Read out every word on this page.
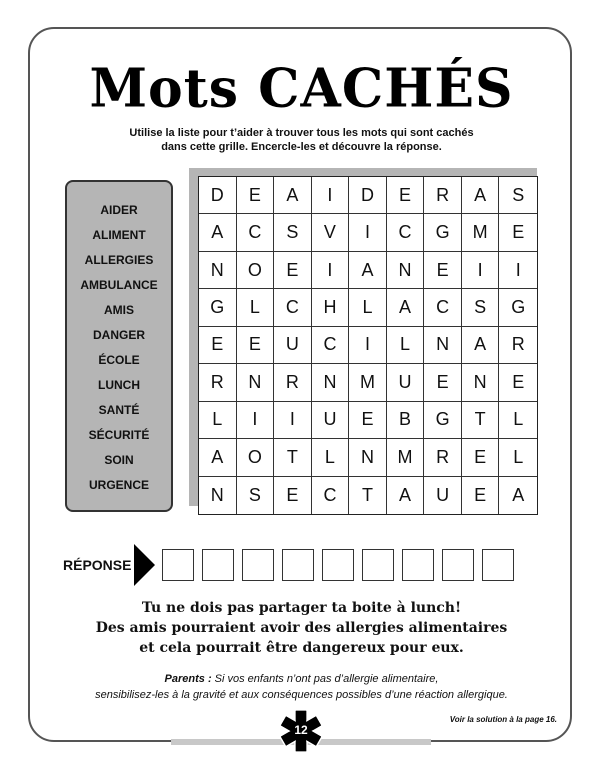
Mots CACHÉS
Utilise la liste pour t’aider à trouver tous les mots qui sont cachés
dans cette grille. Encercle-les et découvre la réponse.
AIDER
ALIMENT
ALLERGIES
AMBULANCE
AMIS
DANGER
ÉCOLE
LUNCH
SANTÉ
SÉCURITÉ
SOIN
URGENCE
D	E	A	I	D	E	R	A	S
A	C	S	V	I	C	G	M	E
N	O	E	I	A	N	E	I	I
G	L	C	H	L	A	C	S	G
E	E	U	C	I	L	N	A	R
R	N	R	N	M	U	E	N	E
L	I	I	U	E	B	G	T	L
A	O	T	L	N	M	R	E	L
N	S	E	C	T	A	U	E	A
RÉPONSE
Tu ne dois pas partager ta boite à lunch!
Des amis pourraient avoir des allergies alimentaires
et cela pourrait être dangereux pour eux.
Parents : Si vos enfants n’ont pas d’allergie alimentaire,
sensibilisez-les à la gravité et aux conséquences possibles d’une réaction allergique.
Voir la solution à la page 16.
12
